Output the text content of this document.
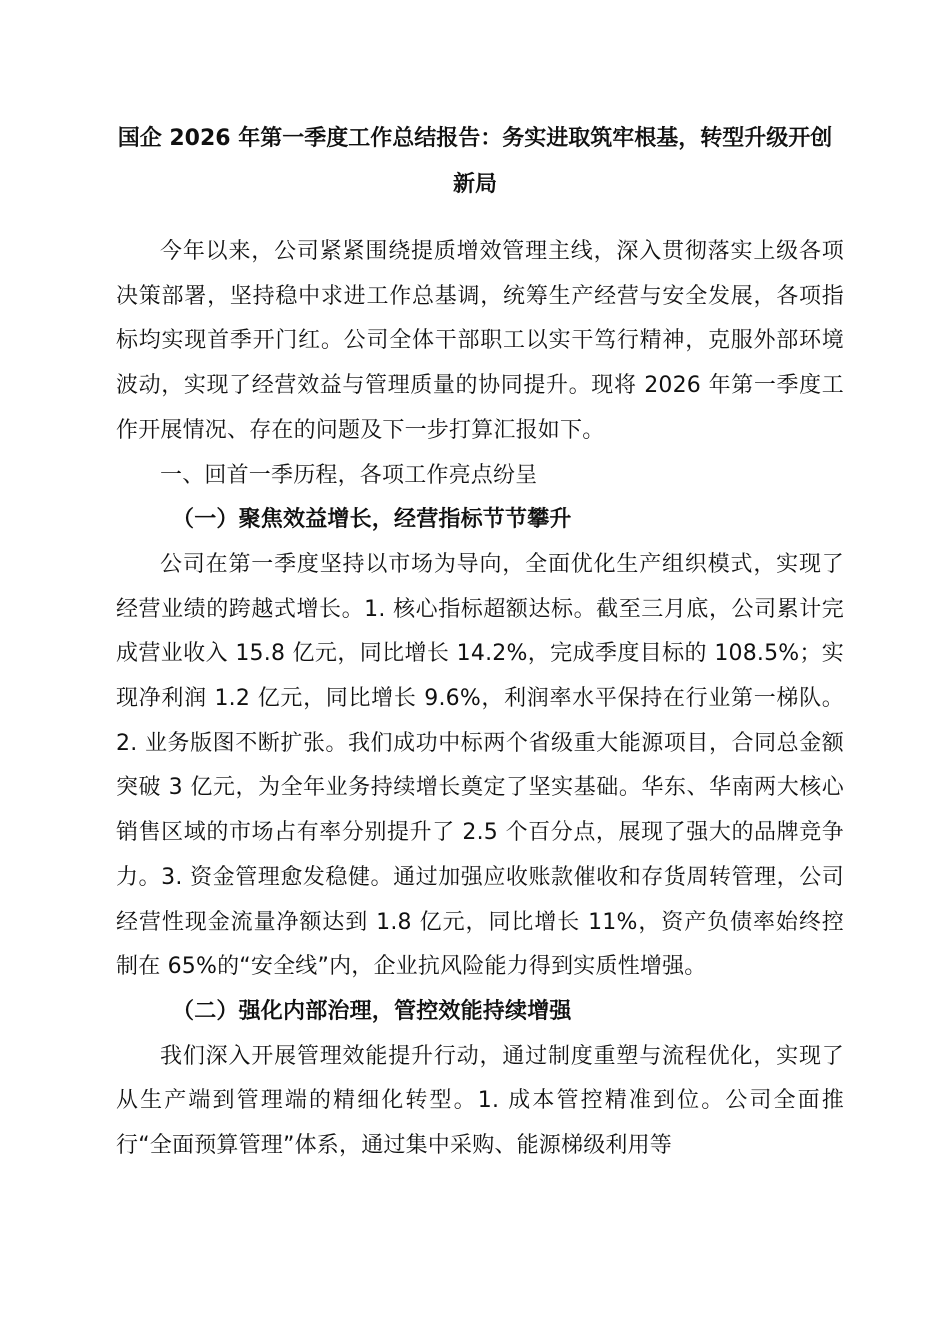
国企 2026 年第一季度工作总结报告：务实进取筑牢根基，转型升级开创新局

今年以来，公司紧紧围绕提质增效管理主线，深入贯彻落实上级各项决策部署，坚持稳中求进工作总基调，统筹生产经营与安全发展，各项指标均实现首季开门红。公司全体干部职工以实干笃行精神，克服外部环境波动，实现了经营效益与管理质量的协同提升。现将 2026 年第一季度工作开展情况、存在的问题及下一步打算汇报如下。

一、回首一季历程，各项工作亮点纷呈

（一）聚焦效益增长，经营指标节节攀升

公司在第一季度坚持以市场为导向，全面优化生产组织模式，实现了经营业绩的跨越式增长。1. 核心指标超额达标。截至三月底，公司累计完成营业收入 15.8 亿元，同比增长 14.2%，完成季度目标的 108.5%；实现净利润 1.2 亿元，同比增长 9.6%，利润率水平保持在行业第一梯队。2. 业务版图不断扩张。我们成功中标两个省级重大能源项目，合同总金额突破 3 亿元，为全年业务持续增长奠定了坚实基础。华东、华南两大核心销售区域的市场占有率分别提升了 2.5 个百分点，展现了强大的品牌竞争力。3. 资金管理愈发稳健。通过加强应收账款催收和存货周转管理，公司经营性现金流量净额达到 1.8 亿元，同比增长 11%，资产负债率始终控制在 65%的“安全线”内，企业抗风险能力得到实质性增强。

（二）强化内部治理，管控效能持续增强

我们深入开展管理效能提升行动，通过制度重塑与流程优化，实现了从生产端到管理端的精细化转型。1. 成本管控精准到位。公司全面推行“全面预算管理”体系，通过集中采购、能源梯级利用等
